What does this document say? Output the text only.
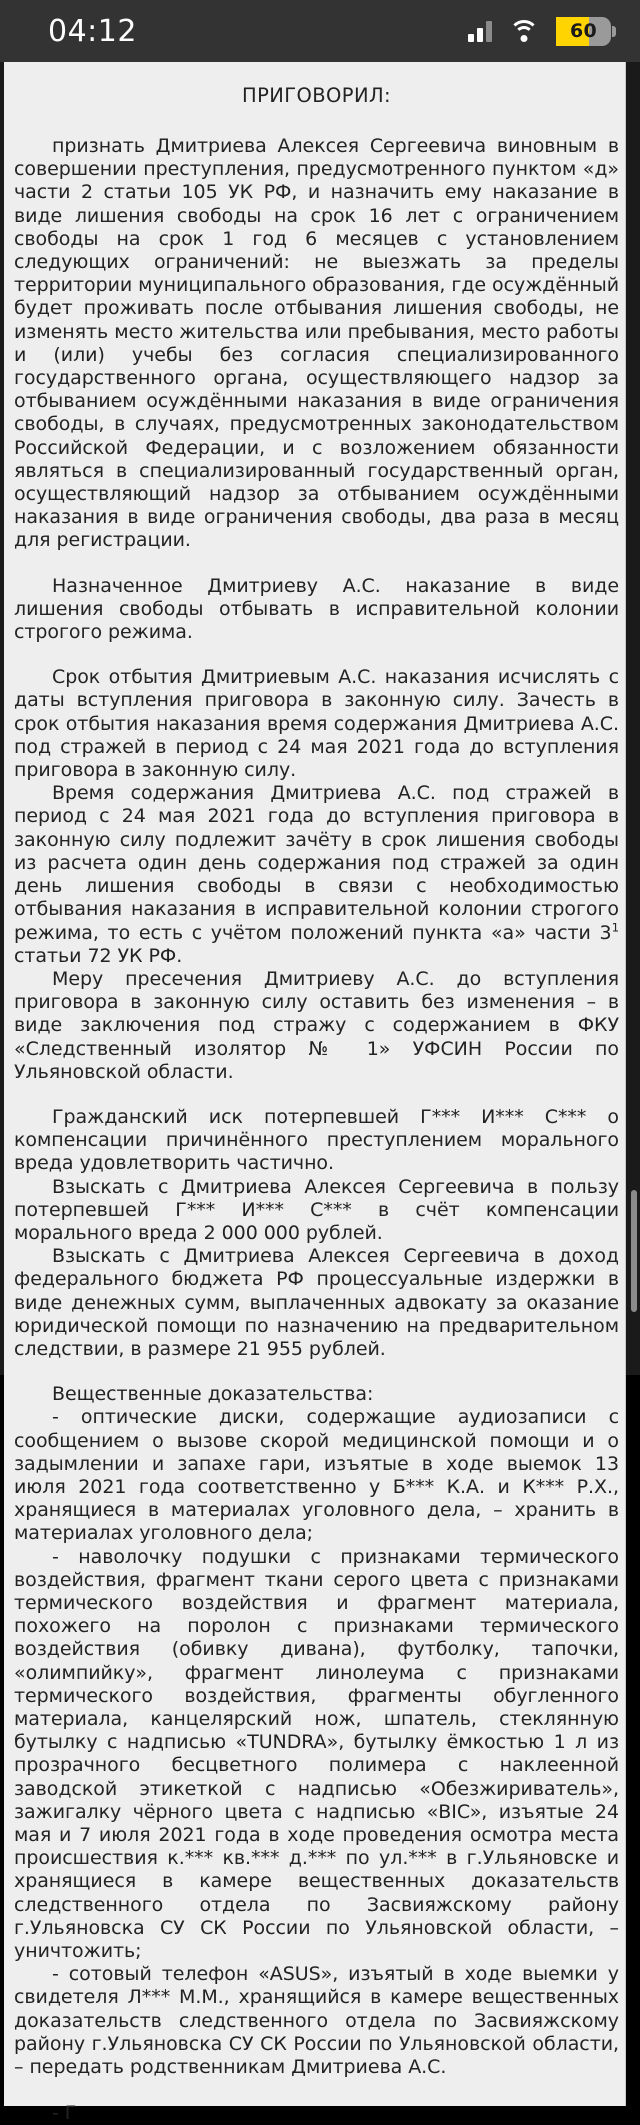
04:12	60
ПРИГОВОРИЛ:

признать Дмитриева Алексея Сергеевича виновным в совершении преступления, предусмотренного пунктом «д» части 2 статьи 105 УК РФ, и назначить ему наказание в виде лишения свободы на срок 16 лет с ограничением свободы на срок 1 год 6 месяцев с установлением следующих ограничений: не выезжать за пределы территории муниципального образования, где осуждённый будет проживать после отбывания лишения свободы, не изменять место жительства или пребывания, место работы и (или) учебы без согласия специализированного государственного органа, осуществляющего надзор за отбыванием осуждёнными наказания в виде ограничения свободы, в случаях, предусмотренных законодательством Российской Федерации, и с возложением обязанности являться в специализированный государственный орган, осуществляющий надзор за отбыванием осуждёнными наказания в виде ограничения свободы, два раза в месяц для регистрации.

Назначенное Дмитриеву А.С. наказание в виде лишения свободы отбывать в исправительной колонии строгого режима.

Срок отбытия Дмитриевым А.С. наказания исчислять с даты вступления приговора в законную силу. Зачесть в срок отбытия наказания время содержания Дмитриева А.С. под стражей в период с 24 мая 2021 года до вступления приговора в законную силу.

Время содержания Дмитриева А.С. под стражей в период с 24 мая 2021 года до вступления приговора в законную силу подлежит зачёту в срок лишения свободы из расчета один день содержания под стражей за один день лишения свободы в связи с необходимостью отбывания наказания в исправительной колонии строгого режима, то есть с учётом положений пункта «а» части $3^1$ статьи 72 УК РФ.

Меру пресечения Дмитриеву А.С. до вступления приговора в законную силу оставить без изменения – в виде заключения под стражу с содержанием в ФКУ «Следственный изолятор № 1» УФСИН России по Ульяновской области.

Гражданский иск потерпевшей Г*** И*** С*** о компенсации причинённого преступлением морального вреда удовлетворить частично.

Взыскать с Дмитриева Алексея Сергеевича в пользу потерпевшей Г*** И*** С*** в счёт компенсации морального вреда 2 000 000 рублей.

Взыскать с Дмитриева Алексея Сергеевича в доход федерального бюджета РФ процессуальные издержки в виде денежных сумм, выплаченных адвокату за оказание юридической помощи по назначению на предварительном следствии, в размере 21 955 рублей.

Вещественные доказательства:

- оптические диски, содержащие аудиозаписи с сообщением о вызове скорой медицинской помощи и о задымлении и запахе гари, изъятые в ходе выемок 13 июля 2021 года соответственно у Б*** К.А. и К*** Р.Х., хранящиеся в материалах уголовного дела, – хранить в материалах уголовного дела;

- наволочку подушки с признаками термического воздействия, фрагмент ткани серого цвета с признаками термического воздействия и фрагмент материала, похожего на поролон с признаками термического воздействия (обивку дивана), футболку, тапочки, «олимпийку», фрагмент линолеума с признаками термического воздействия, фрагменты обугленного материала, канцелярский нож, шпатель, стеклянную бутылку с надписью «TUNDRA», бутылку ёмкостью 1 л из прозрачного бесцветного полимера с наклеенной заводской этикеткой с надписью «Обезжириватель», зажигалку чёрного цвета с надписью «BIC», изъятые 24 мая и 7 июля 2021 года в ходе проведения осмотра места происшествия к.*** кв.*** д.*** по ул.*** в г.Ульяновске и хранящиеся в камере вещественных доказательств следственного отдела по Засвияжскому району г.Ульяновска СУ СК России по Ульяновской области, – уничтожить;

- сотовый телефон «ASUS», изъятый в ходе выемки у свидетеля Л*** М.М., хранящийся в камере вещественных доказательств следственного отдела по Засвияжскому району г.Ульяновска СУ СК России по Ульяновской области, – передать родственникам Дмитриева А.С.

- Г
